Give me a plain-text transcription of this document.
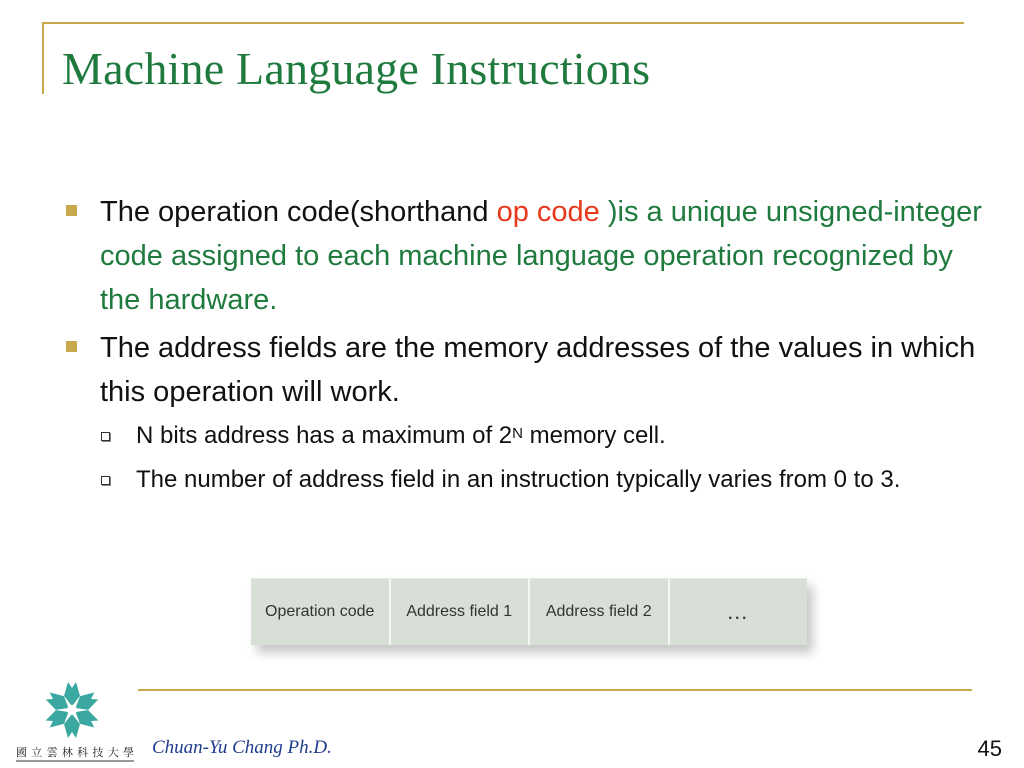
Machine Language Instructions
The operation code(shorthand op code )is a unique unsigned-integer code assigned to each machine language operation recognized by the hardware.
The address fields are the memory addresses of the values in which this operation will work.
N bits address has a maximum of $2^N$ memory cell.
The number of address field in an instruction typically varies from 0 to 3.
Operation code	Address field 1	Address field 2	…
國立雲林科技大學 Chuan-Yu Chang Ph.D.	45
